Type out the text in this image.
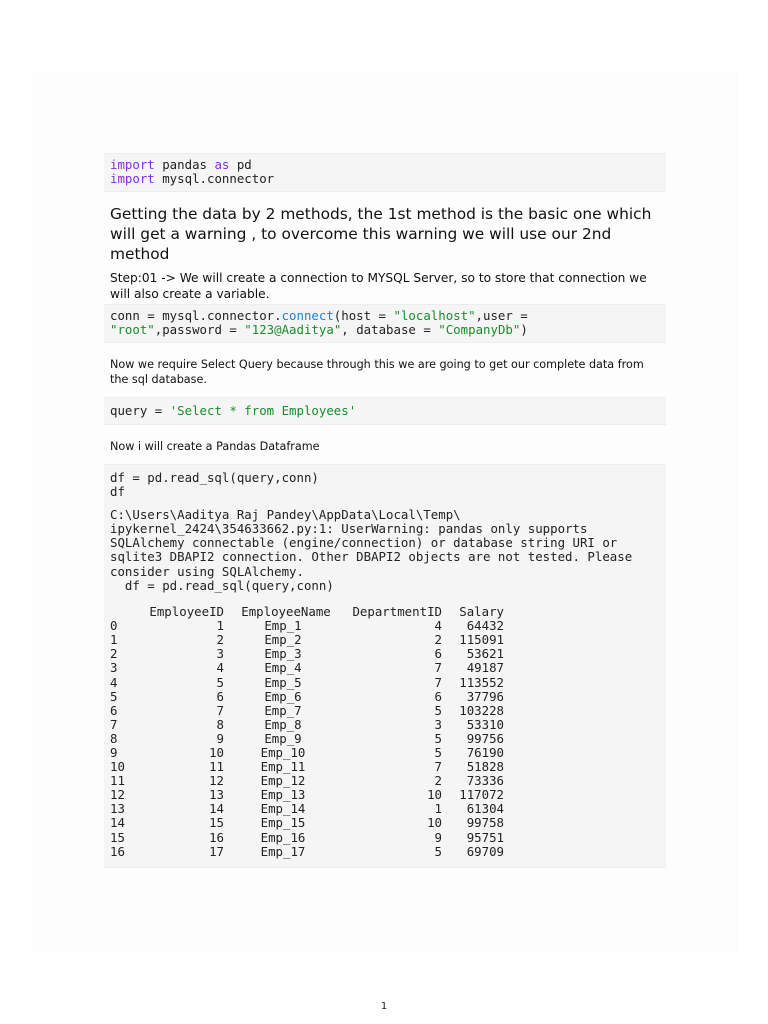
import pandas as pd
import mysql.connector
Getting the data by 2 methods, the 1st method is the basic one which will get a warning , to overcome this warning we will use our 2nd method
Step:01 -> We will create a connection to MYSQL Server, so to store that connection we will also create a variable.
conn = mysql.connector.connect(host = "localhost",user =
"root",password = "123@Aaditya", database = "CompanyDb")
Now we require Select Query because through this we are going to get our complete data from the sql database.
query = 'Select * from Employees'
Now i will create a Pandas Dataframe
df = pd.read_sql(query,conn)
df
C:\Users\Aaditya Raj Pandey\AppData\Local\Temp\
ipykernel_2424\354633662.py:1: UserWarning: pandas only supports
SQLAlchemy connectable (engine/connection) or database string URI or
sqlite3 DBAPI2 connection. Other DBAPI2 objects are not tested. Please
consider using SQLAlchemy.
df = pd.read_sql(query,conn)
	EmployeeID	EmployeeName	DepartmentID	Salary
0	1	Emp_1	4	64432
1	2	Emp_2	2	115091
2	3	Emp_3	6	53621
3	4	Emp_4	7	49187
4	5	Emp_5	7	113552
5	6	Emp_6	6	37796
6	7	Emp_7	5	103228
7	8	Emp_8	3	53310
8	9	Emp_9	5	99756
9	10	Emp_10	5	76190
10	11	Emp_11	7	51828
11	12	Emp_12	2	73336
12	13	Emp_13	10	117072
13	14	Emp_14	1	61304
14	15	Emp_15	10	99758
15	16	Emp_16	9	95751
16	17	Emp_17	5	69709
1
